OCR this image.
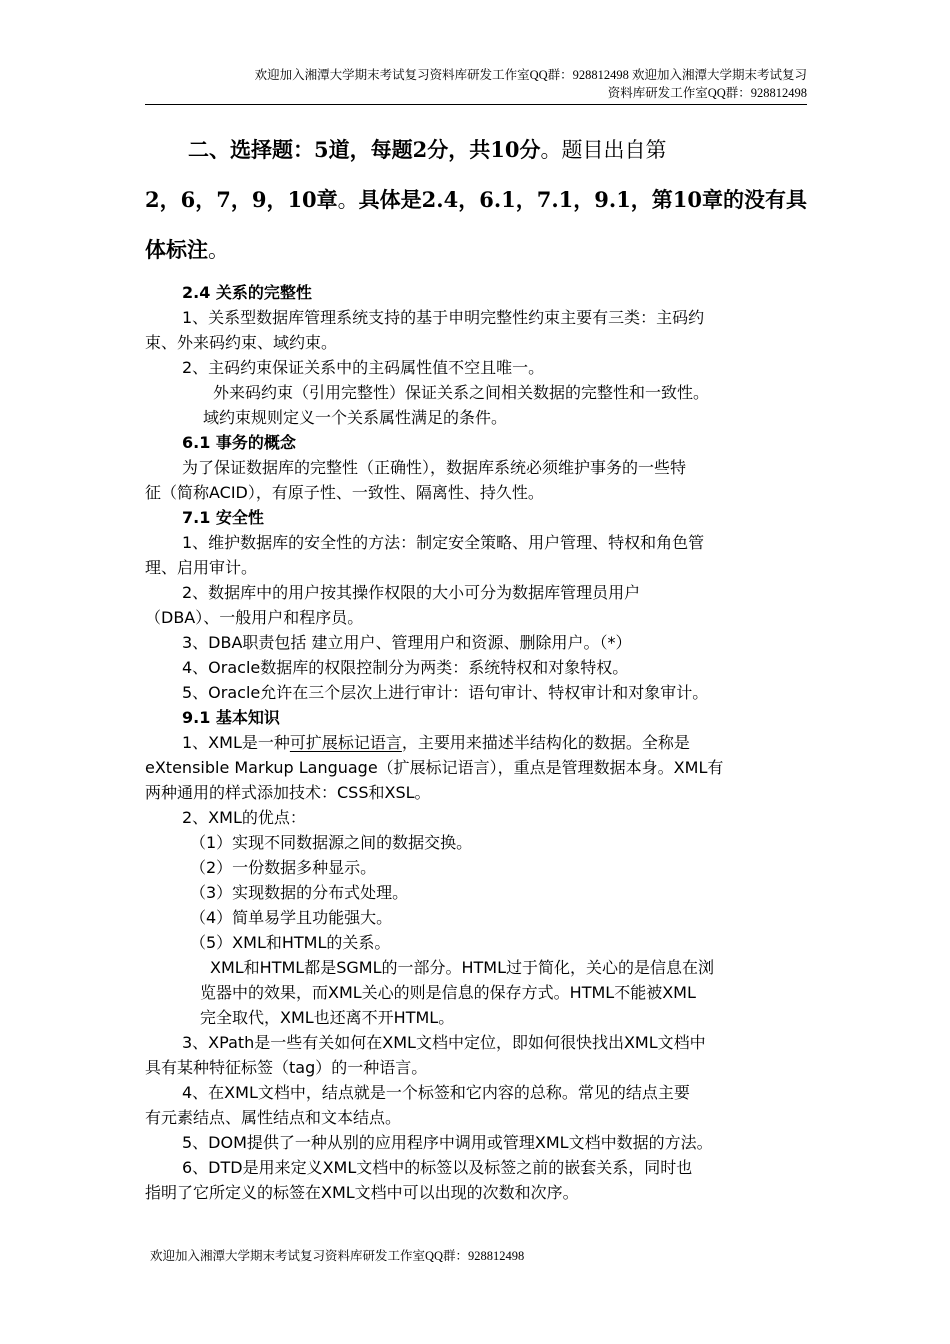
欢迎加入湘潭大学期末考试复习资料库研发工作室QQ群：928812498 欢迎加入湘潭大学期末考试复习
资料库研发工作室QQ群：928812498
二、选择题：5道，每题2分，共10分。题目出自第
2，6，7，9，10章。具体是2.4，6.1，7.1，9.1，第10章的没有具
体标注。
2.4 关系的完整性
1、关系型数据库管理系统支持的基于申明完整性约束主要有三类：主码约
束、外来码约束、域约束。
2、主码约束保证关系中的主码属性值不空且唯一。
外来码约束（引用完整性）保证关系之间相关数据的完整性和一致性。
域约束规则定义一个关系属性满足的条件。
6.1 事务的概念
为了保证数据库的完整性（正确性），数据库系统必须维护事务的一些特
征（简称ACID），有原子性、一致性、隔离性、持久性。
7.1 安全性
1、维护数据库的安全性的方法：制定安全策略、用户管理、特权和角色管
理、启用审计。
2、数据库中的用户按其操作权限的大小可分为数据库管理员用户
（DBA）、一般用户和程序员。
3、DBA职责包括 建立用户、管理用户和资源、删除用户。（*）
4、Oracle数据库的权限控制分为两类：系统特权和对象特权。
5、Oracle允许在三个层次上进行审计：语句审计、特权审计和对象审计。
9.1 基本知识
1、XML是一种可扩展标记语言，主要用来描述半结构化的数据。全称是
eXtensible Markup Language（扩展标记语言），重点是管理数据本身。XML有
两种通用的样式添加技术：CSS和XSL。
2、XML的优点：
（1）实现不同数据源之间的数据交换。
（2）一份数据多种显示。
（3）实现数据的分布式处理。
（4）简单易学且功能强大。
（5）XML和HTML的关系。
XML和HTML都是SGML的一部分。HTML过于简化，关心的是信息在浏
览器中的效果，而XML关心的则是信息的保存方式。HTML不能被XML
完全取代，XML也还离不开HTML。
3、XPath是一些有关如何在XML文档中定位，即如何很快找出XML文档中
具有某种特征标签（tag）的一种语言。
4、在XML文档中，结点就是一个标签和它内容的总称。常见的结点主要
有元素结点、属性结点和文本结点。
5、DOM提供了一种从别的应用程序中调用或管理XML文档中数据的方法。
6、DTD是用来定义XML文档中的标签以及标签之前的嵌套关系，同时也
指明了它所定义的标签在XML文档中可以出现的次数和次序。
欢迎加入湘潭大学期末考试复习资料库研发工作室QQ群：928812498
